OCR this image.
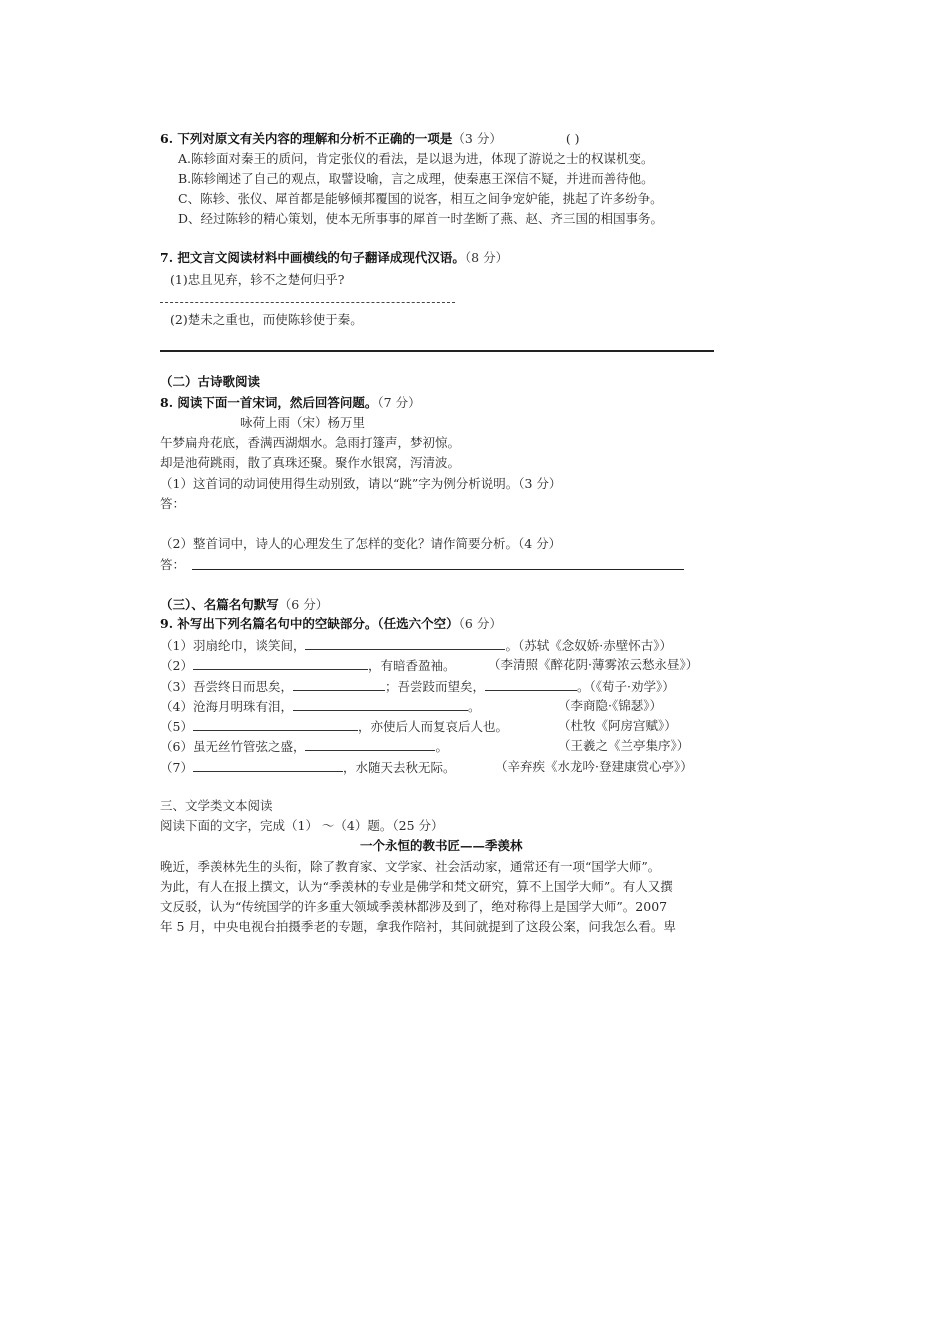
6. 下列对原文有关内容的理解和分析不正确的一项是（3 分）	( )
A.陈轸面对秦王的质问，肯定张仪的看法，是以退为进，体现了游说之士的权谋机变。
B.陈轸阐述了自己的观点，取譬设喻，言之成理，使秦惠王深信不疑，并进而善待他。
C、陈轸、张仪、犀首都是能够倾邦覆国的说客，相互之间争宠妒能，挑起了许多纷争。
D、经过陈轸的精心策划，使本无所事事的犀首一时垄断了燕、赵、齐三国的相国事务。
7. 把文言文阅读材料中画横线的句子翻译成现代汉语。（8 分）
(1)忠且见弃，轸不之楚何归乎?
(2)楚未之重也，而使陈轸使于秦。
（二）古诗歌阅读
8. 阅读下面一首宋词，然后回答问题。（7 分）
咏荷上雨（宋）杨万里
午梦扁舟花底，香满西湖烟水。急雨打篷声，梦初惊。
却是池荷跳雨，散了真珠还聚。聚作水银窝，泻清波。
（1）这首词的动词使用得生动别致，请以“跳”字为例分析说明。（3 分）
答：
（2）整首词中，诗人的心理发生了怎样的变化？请作简要分析。（4 分）
答：
（三）、名篇名句默写（6 分）
9. 补写出下列名篇名句中的空缺部分。（任选六个空）（6 分）
（1）羽扇纶巾，谈笑间，	。（苏轼《念奴娇·赤壁怀古》）
（2）	，有暗香盈袖。	（李清照《醉花阴·薄雾浓云愁永昼》）
（3）吾尝终日而思矣，	；吾尝跂而望矣，	。（《荀子·劝学》）
（4）沧海月明珠有泪，	。	（李商隐·《锦瑟》）
（5）	，亦使后人而复哀后人也。	（杜牧《阿房宫赋》）
（6）虽无丝竹管弦之盛，	。	（王羲之《兰亭集序》）
（7）	，水随天去秋无际。	（辛弃疾《水龙吟·登建康赏心亭》）
三、文学类文本阅读
阅读下面的文字，完成（1） ～（4）题。（25 分）
一个永恒的教书匠——季羡林
晚近，季羡林先生的头衔，除了教育家、文学家、社会活动家，通常还有一项“国学大师”。
为此，有人在报上撰文，认为“季羡林的专业是佛学和梵文研究，算不上国学大师”。有人又撰
文反驳，认为“传统国学的许多重大领域季羡林都涉及到了，绝对称得上是国学大师”。2007
年 5 月，中央电视台拍摄季老的专题，拿我作陪衬，其间就提到了这段公案，问我怎么看。卑
